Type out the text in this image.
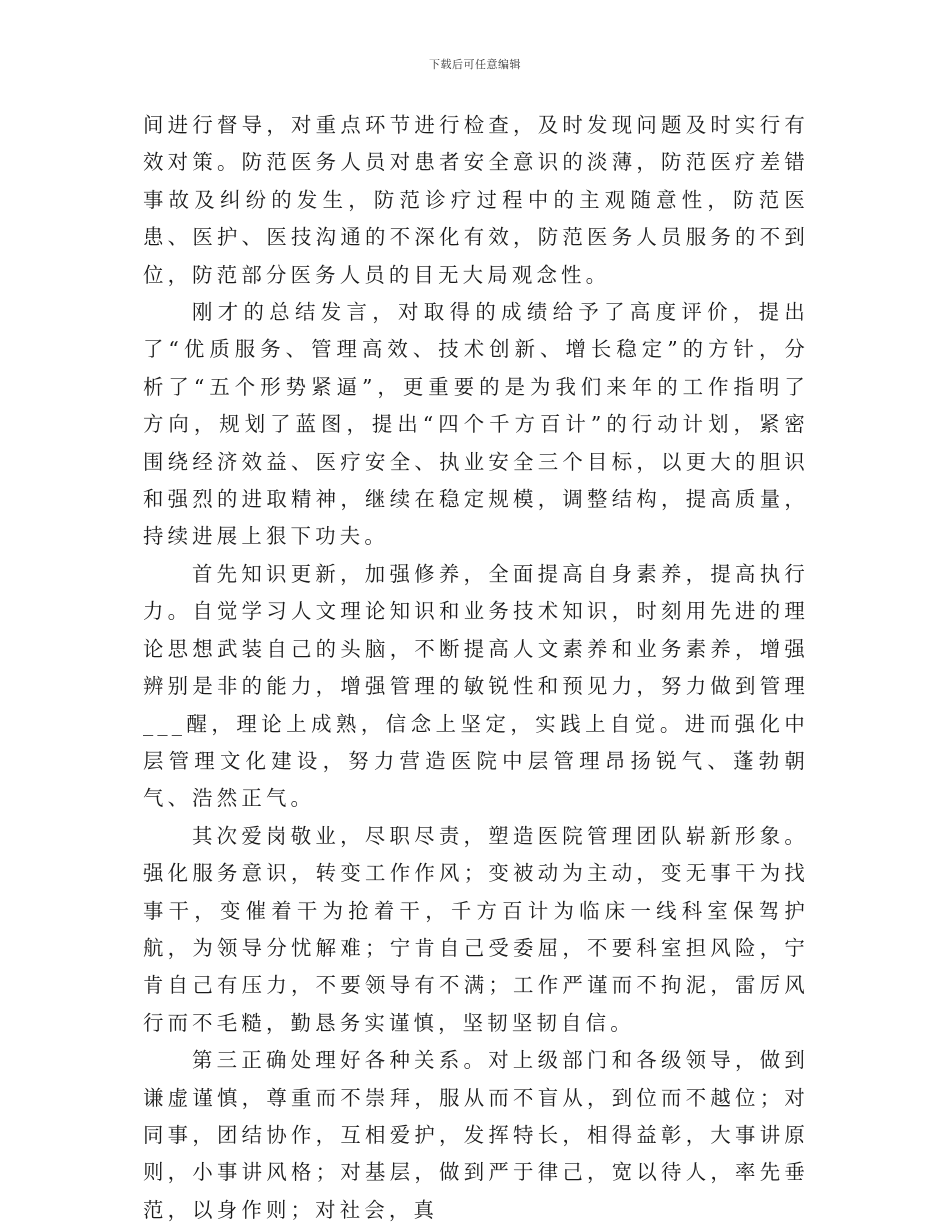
下载后可任意编辑

间进行督导，对重点环节进行检查，及时发现问题及时实行有效对策。防范医务人员对患者安全意识的淡薄，防范医疗差错事故及纠纷的发生，防范诊疗过程中的主观随意性，防范医患、医护、医技沟通的不深化有效，防范医务人员服务的不到位，防范部分医务人员的目无大局观念性。

刚才的总结发言，对取得的成绩给予了高度评价，提出了“优质服务、管理高效、技术创新、增长稳定”的方针，分析了“五个形势紧逼”，更重要的是为我们来年的工作指明了方向，规划了蓝图，提出“四个千方百计”的行动计划，紧密围绕经济效益、医疗安全、执业安全三个目标，以更大的胆识和强烈的进取精神，继续在稳定规模，调整结构，提高质量，持续进展上狠下功夫。

首先知识更新，加强修养，全面提高自身素养，提高执行力。自觉学习人文理论知识和业务技术知识，时刻用先进的理论思想武装自己的头脑，不断提高人文素养和业务素养，增强辨别是非的能力，增强管理的敏锐性和预见力，努力做到管理___醒，理论上成熟，信念上坚定，实践上自觉。进而强化中层管理文化建设，努力营造医院中层管理昂扬锐气、蓬勃朝气、浩然正气。

其次爱岗敬业，尽职尽责，塑造医院管理团队崭新形象。强化服务意识，转变工作作风；变被动为主动，变无事干为找事干，变催着干为抢着干，千方百计为临床一线科室保驾护航，为领导分忧解难；宁肯自己受委屈，不要科室担风险，宁肯自己有压力，不要领导有不满；工作严谨而不拘泥，雷厉风行而不毛糙，勤恳务实谨慎，坚韧坚韧自信。

第三正确处理好各种关系。对上级部门和各级领导，做到谦虚谨慎，尊重而不崇拜，服从而不盲从，到位而不越位；对同事，团结协作，互相爱护，发挥特长，相得益彰，大事讲原则，小事讲风格；对基层，做到严于律己，宽以待人，率先垂范，以身作则；对社会，真
